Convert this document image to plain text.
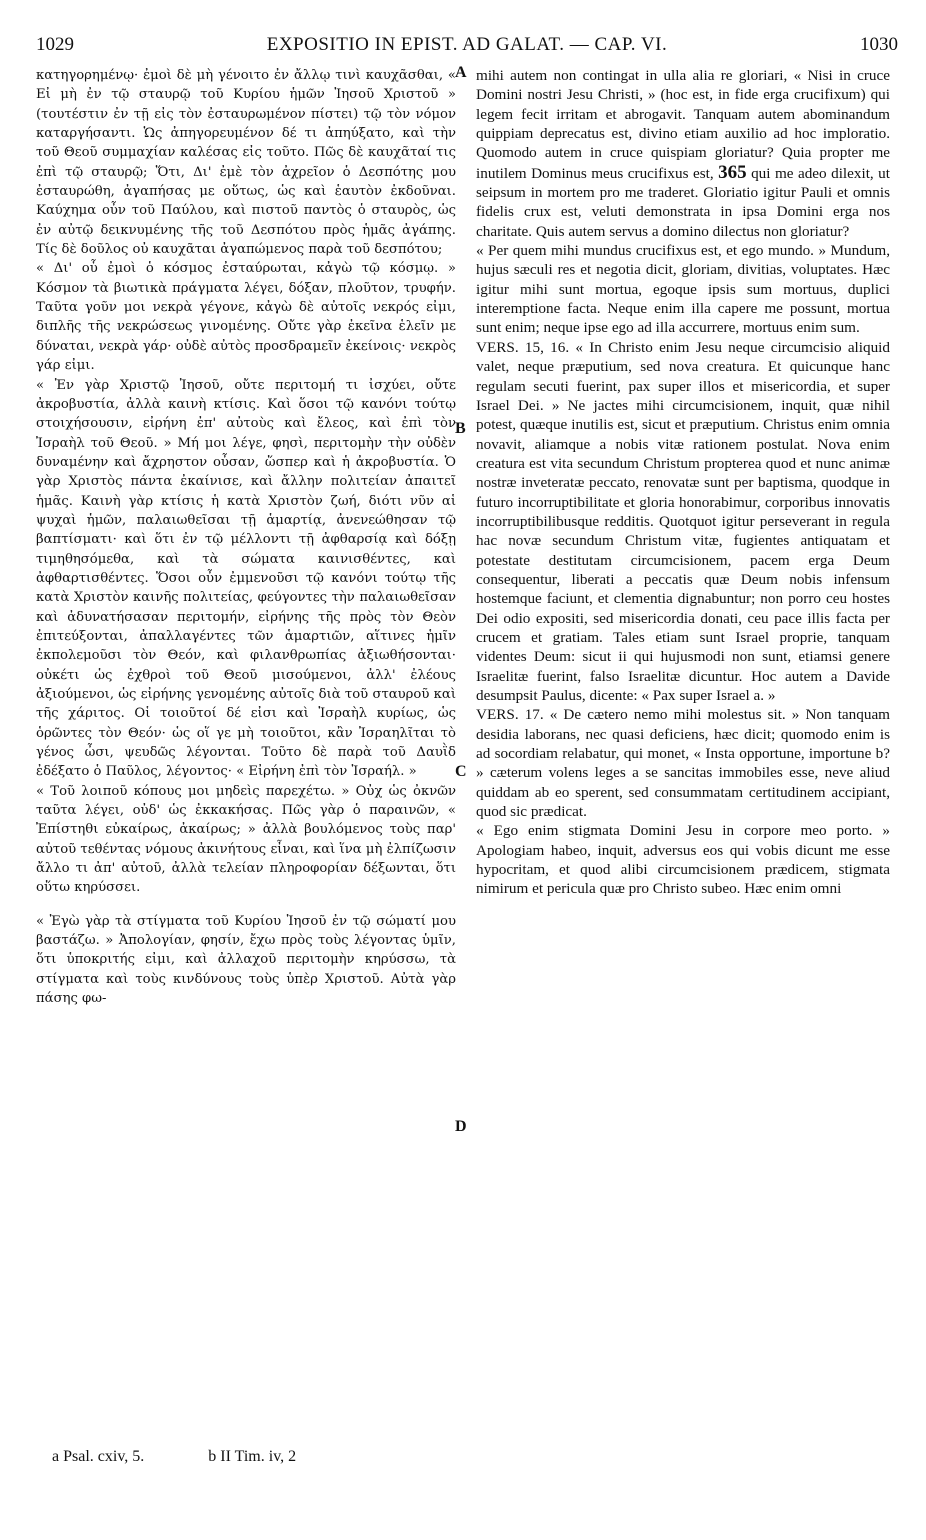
1029	EXPOSITIO IN EPIST. AD GALAT. — CAP. VI.	1030

κατηγορημένῳ· ἐμοὶ δὲ μὴ γένοιτο ἐν ἄλλῳ τινὶ καυχᾶσθαι, « Εἰ μὴ ἐν τῷ σταυρῷ τοῦ Κυρίου ἡμῶν Ἰησοῦ Χριστοῦ » (τουτέστιν ἐν τῇ εἰς τὸν ἐσταυρωμένον πίστει) τῷ τὸν νόμον καταργήσαντι. Ὡς ἀπηγορευμένον δέ τι ἀπηύξατο, καὶ τὴν τοῦ Θεοῦ συμμαχίαν καλέσας εἰς τοῦτο. Πῶς δὲ καυχᾶταί τις ἐπὶ τῷ σταυρῷ; Ὅτι, Δι' ἐμὲ τὸν ἀχρεῖον ὁ Δεσπότης μου ἐσταυρώθη, ἀγαπήσας με οὕτως, ὡς καὶ ἑαυτὸν ἐκδοῦναι. Καύχημα οὖν τοῦ Παύλου, καὶ πιστοῦ παντὸς ὁ σταυρὸς, ὡς ἐν αὐτῷ δεικνυμένης τῆς τοῦ Δεσπότου πρὸς ἡμᾶς ἀγάπης. Τίς δὲ δοῦλος οὐ καυχᾶται ἀγαπώμενος παρὰ τοῦ δεσπότου;

« Δι' οὗ ἐμοὶ ὁ κόσμος ἐσταύρωται, κἀγὼ τῷ κόσμῳ. » Κόσμον τὰ βιωτικὰ πράγματα λέγει, δόξαν, πλοῦτον, τρυφήν. Ταῦτα γοῦν μοι νεκρὰ γέγονε, κἀγὼ δὲ αὐτοῖς νεκρός εἰμι, διπλῆς τῆς νεκρώσεως γινομένης. Οὔτε γὰρ ἐκεῖνα ἑλεῖν με δύναται, νεκρὰ γάρ· οὐδὲ αὐτὸς προσδραμεῖν ἐκείνοις· νεκρὸς γάρ εἰμι.

« Ἐν γὰρ Χριστῷ Ἰησοῦ, οὔτε περιτομή τι ἰσχύει, οὔτε ἀκροβυστία, ἀλλὰ καινὴ κτίσις. Καὶ ὅσοι τῷ κανόνι τούτῳ στοιχήσουσιν, εἰρήνη ἐπ' αὐτοὺς καὶ ἔλεος, καὶ ἐπὶ τὸν Ἰσραὴλ τοῦ Θεοῦ. » Μή μοι λέγε, φησὶ, περιτομὴν τὴν οὐδὲν δυναμένην καὶ ἄχρηστον οὖσαν, ὥσπερ καὶ ἡ ἀκροβυστία. Ὁ γὰρ Χριστὸς πάντα ἐκαίνισε, καὶ ἄλλην πολιτείαν ἀπαιτεῖ ἡμᾶς. Καινὴ γὰρ κτίσις ἡ κατὰ Χριστὸν ζωή, διότι νῦν αἱ ψυχαὶ ἡμῶν, παλαιωθεῖσαι τῇ ἁμαρτίᾳ, ἀνενεώθησαν τῷ βαπτίσματι· καὶ ὅτι ἐν τῷ μέλλοντι τῇ ἀφθαρσίᾳ καὶ δόξῃ τιμηθησόμεθα, καὶ τὰ σώματα καινισθέντες, καὶ ἀφθαρτισθέντες. Ὅσοι οὖν ἐμμενοῦσι τῷ κανόνι τούτῳ τῆς κατὰ Χριστὸν καινῆς πολιτείας, φεύγοντες τὴν παλαιωθεῖσαν καὶ ἀδυνατήσασαν περιτομήν, εἰρήνης τῆς πρὸς τὸν Θεὸν ἐπιτεύξονται, ἀπαλλαγέντες τῶν ἁμαρτιῶν, αἵτινες ἡμῖν ἐκπολεμοῦσι τὸν Θεόν, καὶ φιλανθρωπίας ἀξιωθήσονται· οὐκέτι ὡς ἐχθροὶ τοῦ Θεοῦ μισούμενοι, ἀλλ' ἐλέους ἀξιούμενοι, ὡς εἰρήνης γενομένης αὐτοῖς διὰ τοῦ σταυροῦ καὶ τῆς χάριτος. Οἱ τοιοῦτοί δέ εἰσι καὶ Ἰσραὴλ κυρίως, ὡς ὁρῶντες τὸν Θεόν· ὡς οἵ γε μὴ τοιοῦτοι, κἂν Ἰσραηλῖται τὸ γένος ὦσι, ψευδῶς λέγονται. Τοῦτο δὲ παρὰ τοῦ Δαυῒδ ἐδέξατο ὁ Παῦλος, λέγοντος· « Εἰρήνη ἐπὶ τὸν Ἰσραήλ. »

« Τοῦ λοιποῦ κόπους μοι μηδεὶς παρεχέτω. » Οὐχ ὡς ὀκνῶν ταῦτα λέγει, οὐδ' ὡς ἐκκακήσας. Πῶς γὰρ ὁ παραινῶν, « Ἐπίστηθι εὐκαίρως, ἀκαίρως; » ἀλλὰ βουλόμενος τοὺς παρ' αὐτοῦ τεθέντας νόμους ἀκινήτους εἶναι, καὶ ἵνα μὴ ἐλπίζωσιν ἄλλο τι ἀπ' αὐτοῦ, ἀλλὰ τελείαν πληροφορίαν δέξωνται, ὅτι οὕτω κηρύσσει.

« Ἐγὼ γὰρ τὰ στίγματα τοῦ Κυρίου Ἰησοῦ ἐν τῷ σώματί μου βαστάζω. » Ἀπολογίαν, φησίν, ἔχω πρὸς τοὺς λέγοντας ὑμῖν, ὅτι ὑποκριτής εἰμι, καὶ ἀλλαχοῦ περιτομὴν κηρύσσω, τὰ στίγματα καὶ τοὺς κινδύνους τοὺς ὑπὲρ Χριστοῦ. Αὐτὰ γὰρ πάσης φω-

A
B
C
D

mihi autem non contingat in ulla alia re gloriari, « Nisi in cruce Domini nostri Jesu Christi, » (hoc est, in fide erga crucifixum) qui legem fecit irritam et abrogavit. Tanquam autem abominandum quippiam deprecatus est, divino etiam auxilio ad hoc imploratio. Quomodo autem in cruce quispiam gloriatur? Quia propter me inutilem Dominus meus crucifixus est, 365 qui me adeo dilexit, ut seipsum in mortem pro me traderet. Gloriatio igitur Pauli et omnis fidelis crux est, veluti demonstrata in ipsa Domini erga nos charitate. Quis autem servus a domino dilectus non gloriatur?

« Per quem mihi mundus crucifixus est, et ego mundo. » Mundum, hujus sæculi res et negotia dicit, gloriam, divitias, voluptates. Hæc igitur mihi sunt mortua, egoque ipsis sum mortuus, duplici interemptione facta. Neque enim illa capere me possunt, mortua sunt enim; neque ipse ego ad illa accurrere, mortuus enim sum.

VERS. 15, 16. « In Christo enim Jesu neque circumcisio aliquid valet, neque præputium, sed nova creatura. Et quicunque hanc regulam secuti fuerint, pax super illos et misericordia, et super Israel Dei. » Ne jactes mihi circumcisionem, inquit, quæ nihil potest, quæque inutilis est, sicut et præputium. Christus enim omnia novavit, aliamque a nobis vitæ rationem postulat. Nova enim creatura est vita secundum Christum propterea quod et nunc animæ nostræ inveteratæ peccato, renovatæ sunt per baptisma, quodque in futuro incorruptibilitate et gloria honorabimur, corporibus innovatis incorruptibilibusque redditis. Quotquot igitur perseverant in regula hac novæ secundum Christum vitæ, fugientes antiquatam et potestate destitutam circumcisionem, pacem erga Deum consequentur, liberati a peccatis quæ Deum nobis infensum hostemque faciunt, et clementia dignabuntur; non porro ceu hostes Dei odio expositi, sed misericordia donati, ceu pace illis facta per crucem et gratiam. Tales etiam sunt Israel proprie, tanquam videntes Deum: sicut ii qui hujusmodi non sunt, etiamsi genere Israelitæ fuerint, falso Israelitæ dicuntur. Hoc autem a Davide desumpsit Paulus, dicente: « Pax super Israel a. »

VERS. 17. « De cætero nemo mihi molestus sit. » Non tanquam desidia laborans, nec quasi deficiens, hæc dicit; quomodo enim is ad socordiam relabatur, qui monet, « Insta opportune, importune b? » cæterum volens leges a se sancitas immobiles esse, neve aliud quiddam ab eo sperent, sed consummatam certitudinem accipiant, quod sic prædicat.

« Ego enim stigmata Domini Jesu in corpore meo porto. » Apologiam habeo, inquit, adversus eos qui vobis dicunt me esse hypocritam, et quod alibi circumcisionem prædicem, stigmata nimirum et pericula quæ pro Christo subeo. Hæc enim omni

a Psal. cxiv, 5.	b II Tim. iv, 2
